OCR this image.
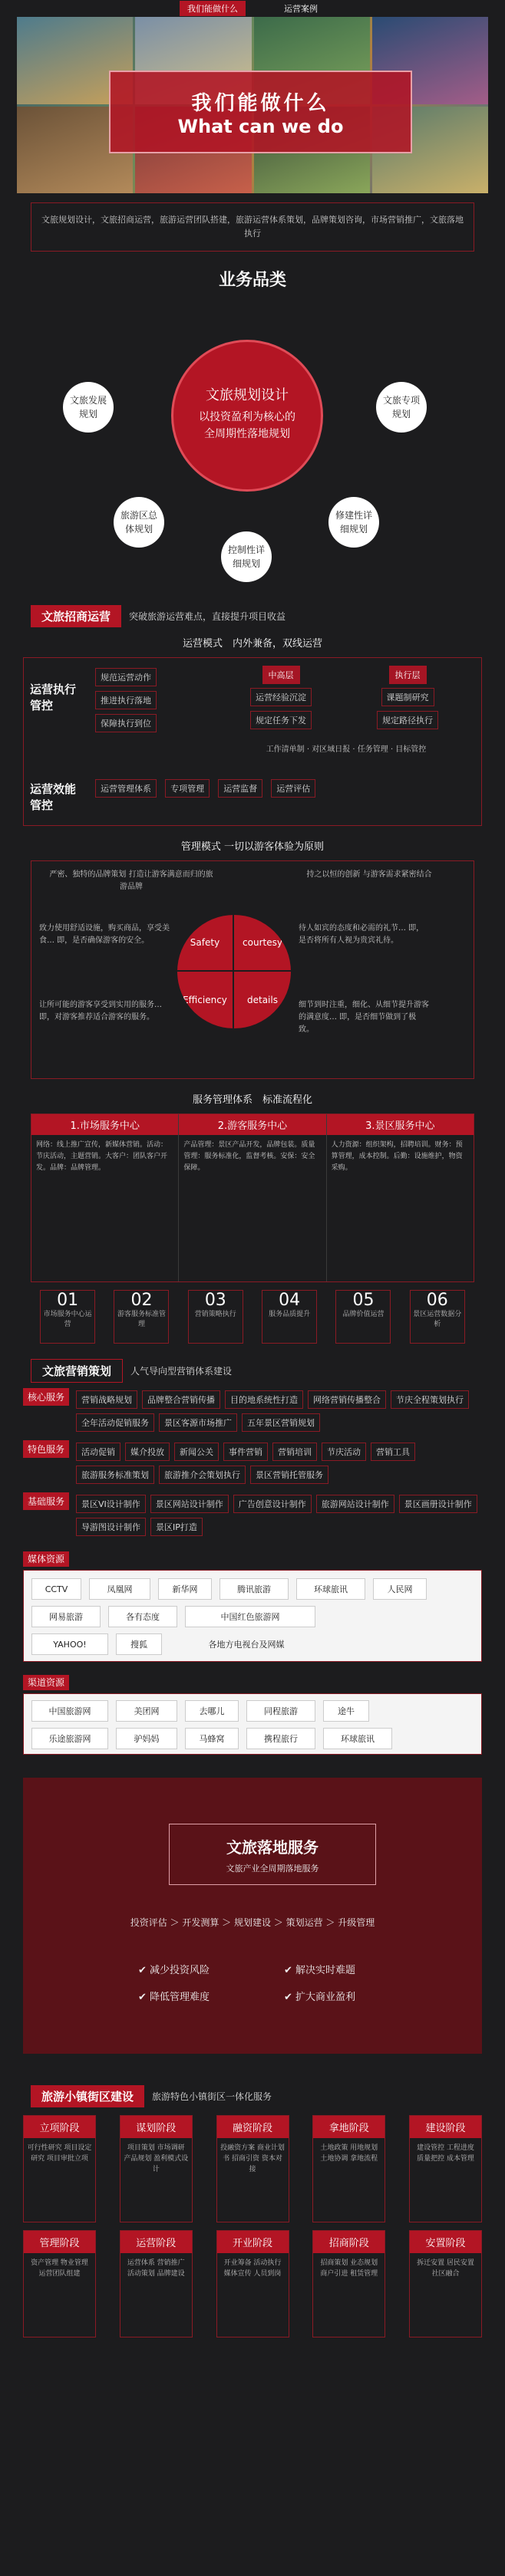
我们能做什么	运营案例
我们能做什么
What can we do
文旅规划设计，文旅招商运营，旅游运营团队搭建，旅游运营体系策划，品牌策划咨询，市场营销推广，文旅落地执行
业务品类
文旅规划设计
以投资盈利为核心的全周期性落地规划
文旅发展规划
文旅专项规划
旅游区总体规划
控制性详细规划
修建性详细规划
文旅招商运营	突破旅游运营难点，直接提升项目收益
运营模式　内外兼备，双线运营
运营执行管控
规范运营动作 推进执行落地 保障执行到位
中高层
运营经验沉淀 规定任务下发
执行层
课题制研究 规定路径执行
工作清单制 · 对区域日报 · 任务管理 · 目标管控
运营效能管控
运营管理体系 专项管理 运营监督 运营评估
管理模式 一切以游客体验为原则
严密、独特的品牌策划 打造让游客满意而归的旅游品牌
持之以恒的创新 与游客需求紧密结合
致力使用舒适设施，购买商品，享受美食… 即，是否确保游客的安全。
待人如宾的态度和必需的礼节… 即，是否将所有人视为贵宾礼待。
让所可能的游客享受到实用的服务… 即，对游客推荐适合游客的服务。
细节到时注重，细化、从细节提升游客的满意度… 即，是否细节做到了极致。
Safety	courtesy
Efficiency	details
服务管理体系　标准流程化
1.市场服务中心
网络：线上推广宣传，新媒体营销。活动：节庆活动，主题营销。大客户：团队客户开发。品牌：品牌管理。
2.游客服务中心
产品管理：景区产品开发，品牌包装。质量管理：服务标准化，监督考核。安保：安全保障。
3.景区服务中心
人力资源：组织架构，招聘培训。财务：预算管理，成本控制。后勤：设施维护，物资采购。
01
市场服务中心运营
02
游客服务标准管理
03
营销策略执行
04
服务品质提升
05
品牌价值运营
06
景区运营数据分析
文旅营销策划	人气导向型营销体系建设
核心服务	营销战略规划	品牌整合营销传播	目的地系统性打造	网络营销传播整合	节庆全程策划执行
全年活动促销服务	景区客源市场推广	五年景区营销规划
特色服务	活动促销	媒介投放	新闻公关	事件营销	营销培训	节庆活动	营销工具
旅游服务标准策划	旅游推介会策划执行	景区营销托管服务
基础服务	景区VI设计制作	景区网站设计制作	广告创意设计制作	旅游网站设计制作	景区画册设计制作
导游图设计制作	景区IP打造
媒体资源
CCTV	凤凰网	新华网	腾讯旅游	环球旅讯	人民网
网易旅游	各有态度	中国红色旅游网
YAHOO!	搜狐	各地方电视台及网媒
渠道资源
中国旅游网	美团网	去哪儿	同程旅游	途牛
乐途旅游网	驴妈妈	马蜂窝	携程旅行	环球旅讯
文旅落地服务
文旅产业全周期落地服务
投资评估 ＞ 开发测算 ＞ 规划建设 ＞ 策划运营 ＞ 升级管理
✔ 减少投资风险	✔ 解决实时难题
✔ 降低管理难度	✔ 扩大商业盈利
旅游小镇街区建设	旅游特色小镇街区一体化服务
立项阶段
可行性研究 项目设定研究 项目审批立项
谋划阶段
项目策划 市场调研 产品规划 盈利模式设计
融资阶段
投融资方案 商业计划书 招商引资 资本对接
拿地阶段
土地政策 用地规划 土地协调 拿地流程
建设阶段
建设管控 工程进度 质量把控 成本管理
管理阶段
资产管理 物业管理 运营团队组建
运营阶段
运营体系 营销推广 活动策划 品牌建设
开业阶段
开业筹备 活动执行 媒体宣传 人员到岗
招商阶段
招商策划 业态规划 商户引进 租赁管理
安置阶段
拆迁安置 居民安置 社区融合
